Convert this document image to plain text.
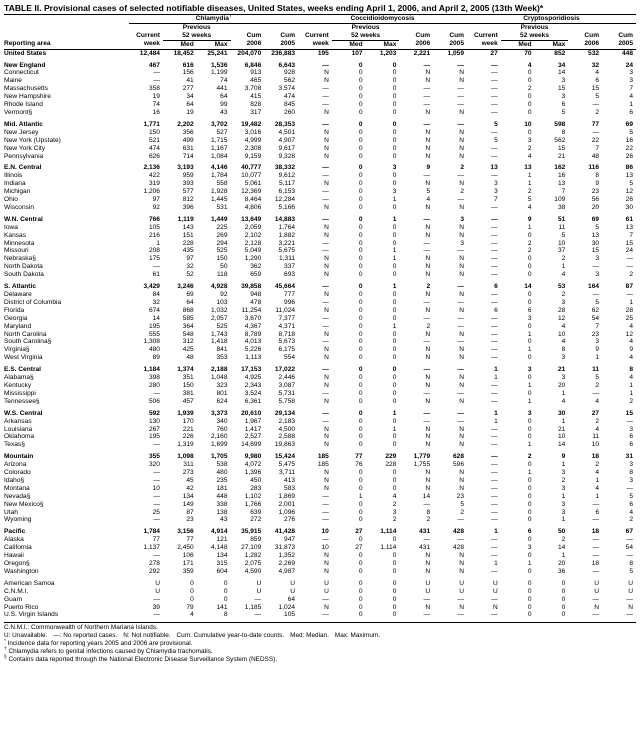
TABLE II. Provisional cases of selected notifiable diseases, United States, weeks ending April 1, 2006, and April 2, 2005 (13th Week)*
	Chlamydia†					Coccidioidomycosis					Cryptosporidiosis				
		Previous					Previous					Previous			
	Current	52 weeks		Cum	Cum	Current	52 weeks		Cum	Cum	Current	52 weeks		Cum	Cum
Reporting area	week	Med	Max	2006	2005	week	Med	Max	2006	2005	week	Med	Max	2006	2005
United States	12,484	18,452	25,241	204,070	236,883	195	107	1,203	2,221	1,059	27	70	852	532	448
New England	467	616	1,536	6,846	6,643	—	0	0	—	—	—	4	34	32	24
Connecticut	—	156	1,199	913	928	N	0	0	N	N	—	0	14	4	3
Maine	—	41	74	465	562	N	0	0	N	N	—	0	3	6	3
Massachusetts	358	277	441	3,708	3,574	—	0	0	—	—	—	2	15	15	7
New Hampshire	19	34	64	415	474	—	0	0	—	—	—	0	3	5	4
Rhode Island	74	64	99	828	845	—	0	0	—	—	—	0	6	—	1
Vermont§	16	19	43	317	260	N	0	0	N	N	—	0	5	2	6
Mid. Atlantic	1,771	2,202	3,702	19,482	28,353	—	0	0	—	—	5	10	598	77	69
New Jersey	150	356	527	3,016	4,501	N	0	0	N	N	—	0	8	—	5
New York (Upstate)	521	499	1,715	4,999	4,907	N	0	0	N	N	5	3	562	22	16
New York City	474	631	1,167	2,308	9,617	N	0	0	N	N	—	2	15	7	22
Pennsylvania	626	714	1,084	9,159	9,328	N	0	0	N	N	—	4	21	48	26
E.N. Central	2,136	3,193	4,146	40,777	38,332	—	0	3	9	2	13	13	162	116	86
Illinois	422	959	1,784	10,077	9,612	—	0	0	—	—	—	1	16	8	13
Indiana	319	393	558	5,061	5,117	N	0	0	N	N	3	1	13	9	5
Michigan	1,206	577	1,928	12,369	6,153	—	0	3	5	2	3	2	7	23	12
Ohio	97	812	1,445	8,464	12,284	—	0	1	4	—	7	5	109	56	26
Wisconsin	92	396	531	4,806	5,166	N	0	0	N	N	—	4	38	20	30
W.N. Central	766	1,119	1,449	13,649	14,883	—	0	1	—	3	—	9	51	69	61
Iowa	105	143	225	2,059	1,764	N	0	0	N	N	—	1	11	5	13
Kansas	216	151	269	2,102	1,882	N	0	0	N	N	—	0	5	13	7
Minnesota	1	228	294	2,128	3,221	—	0	0	—	3	—	2	10	30	15
Missouri	208	435	525	5,049	5,675	—	0	1	—	—	—	2	37	15	24
Nebraska§	175	97	150	1,290	1,311	N	0	1	N	N	—	0	2	3	—
North Dakota	—	32	50	362	337	N	0	0	N	N	—	0	1	—	—
South Dakota	61	52	118	659	693	N	0	0	N	N	—	0	4	3	2
S. Atlantic	3,429	3,246	4,928	39,858	45,664	—	0	1	2	—	6	14	53	164	87
Delaware	84	69	92	948	777	N	0	0	N	N	—	0	2	—	—
District of Columbia	32	64	103	478	996	—	0	0	—	—	—	0	3	5	1
Florida	674	868	1,032	11,254	11,024	N	0	0	N	N	6	6	28	62	28
Georgia	14	585	2,057	3,670	7,377	—	0	0	—	—	—	3	12	54	25
Maryland	195	364	525	4,367	4,371	—	0	1	2	—	—	0	4	7	4
North Carolina	555	548	1,743	8,789	8,718	N	0	0	N	N	—	1	10	23	12
South Carolina§	1,308	312	1,418	4,013	5,673	—	0	0	—	—	—	0	4	3	4
Virginia§	480	425	841	5,226	6,175	N	0	0	N	N	—	1	8	9	9
West Virginia	89	48	353	1,113	554	N	0	0	N	N	—	0	3	1	4
E.S. Central	1,184	1,374	2,188	17,153	17,022	—	0	0	—	—	1	3	21	11	8
Alabama§	398	351	1,048	4,925	2,446	N	0	0	N	N	1	0	3	5	4
Kentucky	280	150	323	2,343	3,087	N	0	0	N	N	—	1	20	2	1
Mississippi	—	381	801	3,524	5,731	—	0	0	—	—	—	0	1	—	1
Tennessee§	506	457	624	6,361	5,758	N	0	0	N	N	—	1	4	4	2
W.S. Central	592	1,939	3,373	20,610	29,134	—	0	1	—	—	1	3	30	27	15
Arkansas	130	170	340	1,967	2,183	—	0	0	—	—	1	0	1	2	—
Louisiana	267	221	760	1,417	4,500	N	0	1	N	N	—	0	21	4	3
Oklahoma	195	226	2,160	2,527	2,588	N	0	0	N	N	—	0	10	11	6
Texas§	—	1,319	1,699	14,699	19,863	N	0	0	N	N	—	1	14	10	6
Mountain	355	1,098	1,705	9,980	15,424	185	77	229	1,779	628	—	2	9	18	31
Arizona	320	311	538	4,072	5,475	185	76	228	1,755	596	—	0	1	2	3
Colorado	—	273	480	1,396	3,711	N	0	0	N	N	—	1	3	4	8
Idaho§	—	45	235	450	413	N	0	0	N	N	—	0	2	1	3
Montana	10	42	181	283	583	N	0	0	N	N	—	0	3	4	—
Nevada§	—	134	448	1,102	1,869	—	1	4	14	23	—	0	1	1	5
New Mexico§	—	149	338	1,766	2,001	—	0	2	—	5	—	0	3	—	6
Utah	25	87	138	639	1,096	—	0	3	8	2	—	0	3	6	4
Wyoming	—	23	43	272	276	—	0	2	2	—	—	0	1	—	2
Pacific	1,784	3,156	4,914	35,915	41,428	10	27	1,114	431	428	1	6	50	18	67
Alaska	77	77	121	859	947	—	0	0	—	—	—	0	2	—	—
California	1,137	2,450	4,148	27,109	31,873	10	27	1,114	431	428	—	3	14	—	54
Hawaii	—	106	134	1,282	1,352	N	0	0	N	N	—	0	1	—	—
Oregon§	278	171	315	2,075	2,269	N	0	0	N	N	1	1	20	18	8
Washington	292	359	604	4,590	4,987	N	0	0	N	N	—	0	36	—	5
American Samoa	U	0	0	U	U	U	0	0	U	U	U	0	0	U	U
C.N.M.I.	U	0	0	U	U	U	0	0	U	U	U	0	0	U	U
Guam	—	0	0	—	64	—	0	0	—	—	—	0	0	—	—
Puerto Rico	39	79	141	1,185	1,024	N	0	0	N	N	N	0	0	N	N
U.S. Virgin Islands	—	4	8	—	105	—	0	0	—	—	—	0	0	—	—
C.N.M.I.: Commonwealth of Northern Mariana Islands.
U: Unavailable. —: No reported cases. N: Not notifiable. Cum: Cumulative year-to-date counts. Med: Median. Max: Maximum.
* Incidence data for reporting years 2005 and 2006 are provisional.
† Chlamydia refers to genital infections caused by Chlamydia trachomatis.
§ Contains data reported through the National Electronic Disease Surveillance System (NEDSS).
